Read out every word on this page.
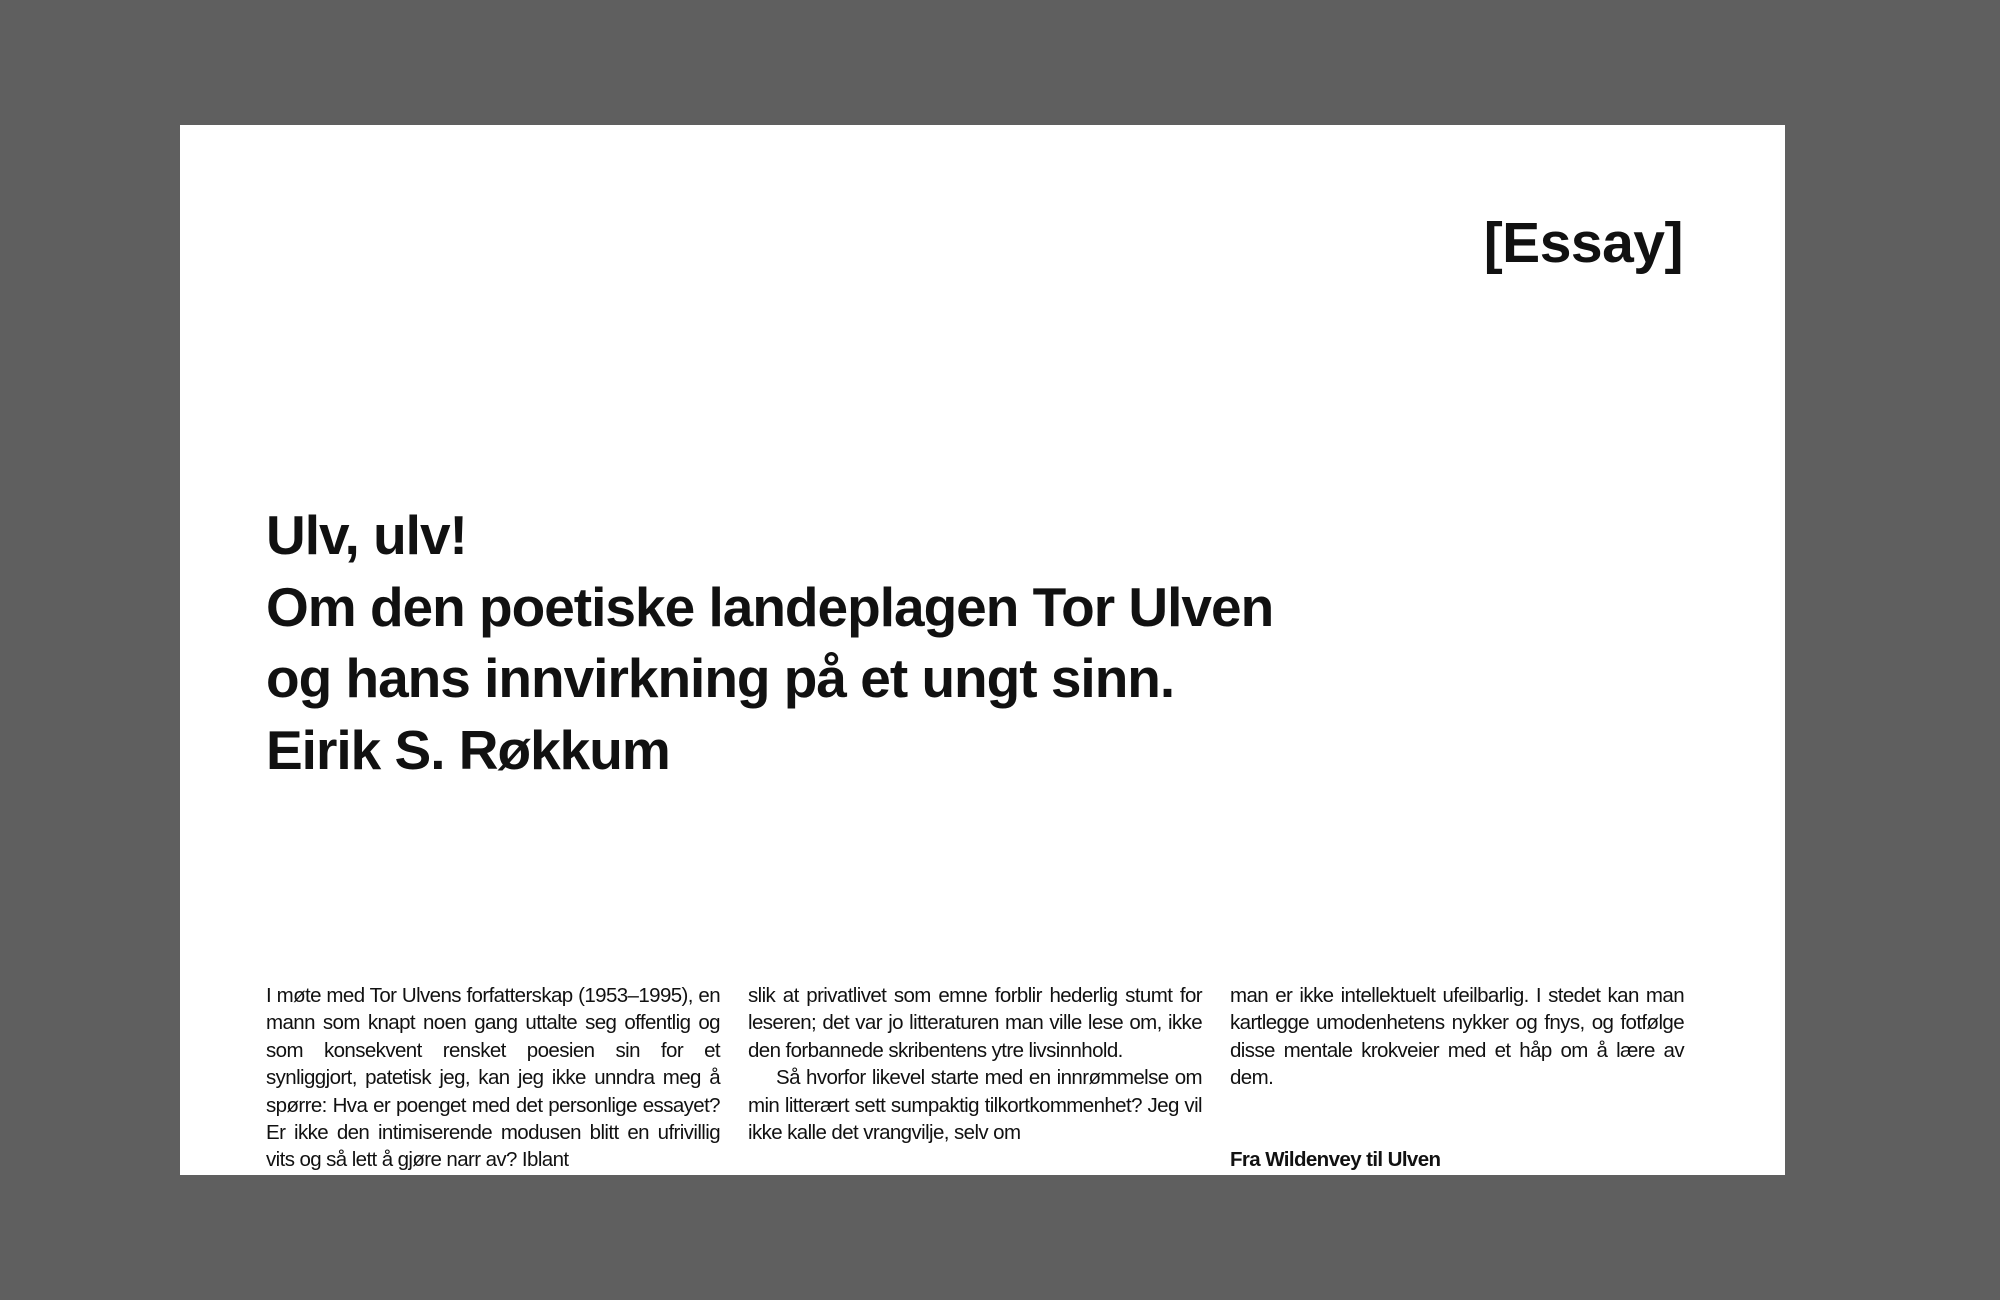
[Essay]
Ulv, ulv!
Om den poetiske landeplagen Tor Ulven
og hans innvirkning på et ungt sinn.
Eirik S. Røkkum

I møte med Tor Ulvens forfatterskap (1953–1995), en mann som knapt noen gang uttalte seg offentlig og som konsekvent rensket poesien sin for et synliggjort, patetisk jeg, kan jeg ikke unndra meg å spørre: Hva er poenget med det personlige essayet? Er ikke den intimiserende modusen blitt en ufrivillig vits og så lett å gjøre narr av? Iblant

slik at privatlivet som emne forblir hederlig stumt for leseren; det var jo litteraturen man ville lese om, ikke den forbannede skribentens ytre livsinnhold.

Så hvorfor likevel starte med en innrømmelse om min litterært sett sumpaktig tilkortkommenhet? Jeg vil ikke kalle det vrangvilje, selv om

man er ikke intellektuelt ufeilbarlig. I stedet kan man kartlegge umodenhetens nykker og fnys, og fotfølge disse mentale krokveier med et håp om å lære av dem.

Fra Wildenvey til Ulven
